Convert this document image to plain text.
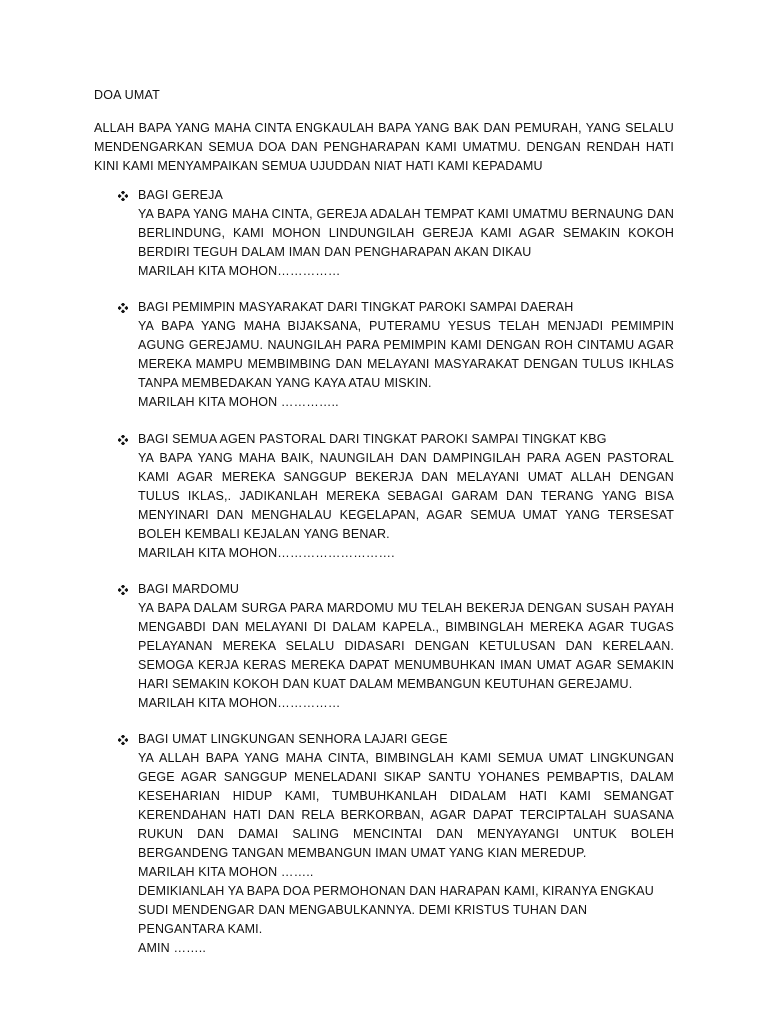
DOA UMAT
ALLAH BAPA YANG MAHA CINTA ENGKAULAH BAPA YANG BAK DAN PEMURAH, YANG SELALU MENDENGARKAN SEMUA DOA DAN PENGHARAPAN KAMI UMATMU. DENGAN RENDAH HATI KINI KAMI MENYAMPAIKAN SEMUA UJUDDAN NIAT HATI KAMI KEPADAMU
BAGI GEREJA
YA BAPA YANG MAHA CINTA, GEREJA ADALAH TEMPAT KAMI UMATMU BERNAUNG DAN BERLINDUNG, KAMI MOHON LINDUNGILAH GEREJA KAMI AGAR SEMAKIN KOKOH BERDIRI TEGUH DALAM IMAN DAN PENGHARAPAN AKAN DIKAU
MARILAH KITA MOHON……………
BAGI PEMIMPIN MASYARAKAT DARI TINGKAT PAROKI SAMPAI DAERAH
YA BAPA YANG MAHA BIJAKSANA, PUTERAMU YESUS TELAH MENJADI PEMIMPIN AGUNG GEREJAMU. NAUNGILAH PARA PEMIMPIN KAMI DENGAN ROH CINTAMU AGAR MEREKA MAMPU MEMBIMBING DAN MELAYANI MASYARAKAT DENGAN TULUS IKHLAS TANPA MEMBEDAKAN YANG KAYA ATAU MISKIN.
MARILAH KITA MOHON …………..
BAGI SEMUA AGEN PASTORAL DARI TINGKAT PAROKI SAMPAI TINGKAT KBG
YA BAPA YANG MAHA BAIK, NAUNGILAH DAN DAMPINGILAH PARA AGEN PASTORAL KAMI AGAR MEREKA SANGGUP BEKERJA DAN MELAYANI UMAT ALLAH DENGAN TULUS IKLAS,. JADIKANLAH MEREKA SEBAGAI GARAM DAN TERANG YANG BISA MENYINARI DAN MENGHALAU KEGELAPAN, AGAR SEMUA UMAT YANG TERSESAT BOLEH KEMBALI KEJALAN YANG BENAR.
MARILAH KITA MOHON……………………….
BAGI MARDOMU
YA BAPA DALAM SURGA PARA MARDOMU MU TELAH BEKERJA DENGAN SUSAH PAYAH MENGABDI DAN MELAYANI DI DALAM KAPELA., BIMBINGLAH MEREKA AGAR TUGAS PELAYANAN MEREKA SELALU DIDASARI DENGAN KETULUSAN DAN KERELAAN. SEMOGA KERJA KERAS MEREKA DAPAT MENUMBUHKAN IMAN UMAT AGAR SEMAKIN HARI SEMAKIN KOKOH DAN KUAT DALAM MEMBANGUN KEUTUHAN GEREJAMU.
MARILAH KITA MOHON……………
BAGI UMAT LINGKUNGAN SENHORA LAJARI GEGE
YA ALLAH BAPA YANG MAHA CINTA, BIMBINGLAH KAMI SEMUA UMAT LINGKUNGAN GEGE AGAR SANGGUP MENELADANI SIKAP SANTU YOHANES PEMBAPTIS, DALAM KESEHARIAN HIDUP KAMI, TUMBUHKANLAH DIDALAM HATI KAMI SEMANGAT KERENDAHAN HATI DAN RELA BERKORBAN, AGAR DAPAT TERCIPTALAH SUASANA RUKUN DAN DAMAI SALING MENCINTAI DAN MENYAYANGI UNTUK BOLEH BERGANDENG TANGAN MEMBANGUN IMAN UMAT YANG KIAN MEREDUP.
MARILAH KITA MOHON ……..
DEMIKIANLAH YA BAPA DOA PERMOHONAN DAN HARAPAN KAMI, KIRANYA ENGKAU SUDI MENDENGAR DAN MENGABULKANNYA. DEMI KRISTUS TUHAN DAN PENGANTARA KAMI.
AMIN ……..
